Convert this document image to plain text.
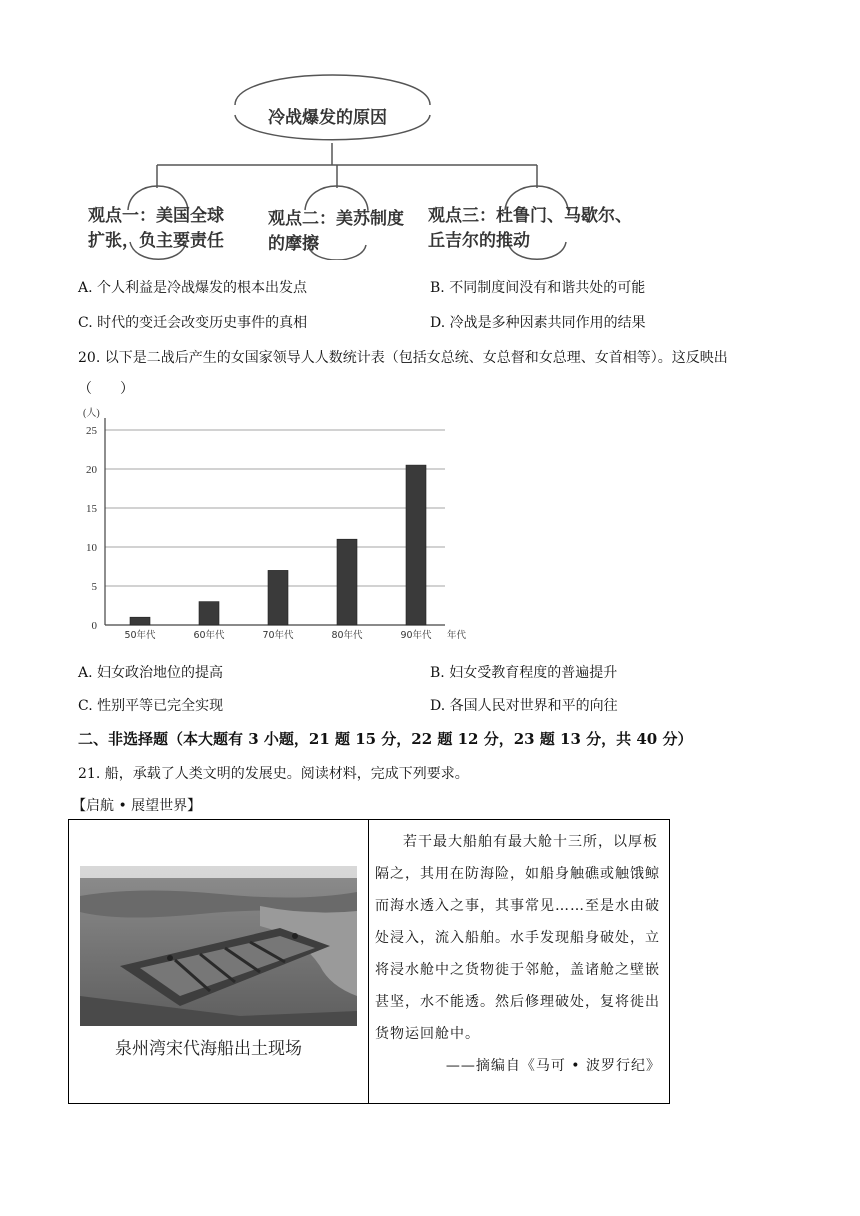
冷战爆发的原因
观点一：美国全球
扩张，负主要责任
观点二：美苏制度
的摩擦
观点三：杜鲁门、马歇尔、
丘吉尔的推动
A. 个人利益是冷战爆发的根本出发点	B. 不同制度间没有和谐共处的可能
C. 时代的变迁会改变历史事件的真相	D. 冷战是多种因素共同作用的结果
20. 以下是二战后产生的女国家领导人人数统计表（包括女总统、女总督和女总理、女首相等）。这反映出
（　　）
0
5
10
15
20
25
(人)
50年代	60年代	70年代	80年代	90年代 年代
A. 妇女政治地位的提高	B. 妇女受教育程度的普遍提升
C. 性别平等已完全实现	D. 各国人民对世界和平的向往
二、非选择题（本大题有 3 小题，21 题 15 分，22 题 12 分，23 题 13 分，共 40 分）
21. 船，承载了人类文明的发展史。阅读材料，完成下列要求。
【启航 • 展望世界】
泉州湾宋代海船出土现场
若干最大船舶有最大舱十三所，以厚板
隔之，其用在防海险，如船身触礁或触饿鲸
而海水透入之事，其事常见……至是水由破
处浸入，流入船舶。水手发现船身破处，立
将浸水舱中之货物徙于邻舱，盖诸舱之壁嵌
甚坚，水不能透。然后修理破处，复将徙出
货物运回舱中。
——摘编自《马可 • 波罗行纪》
